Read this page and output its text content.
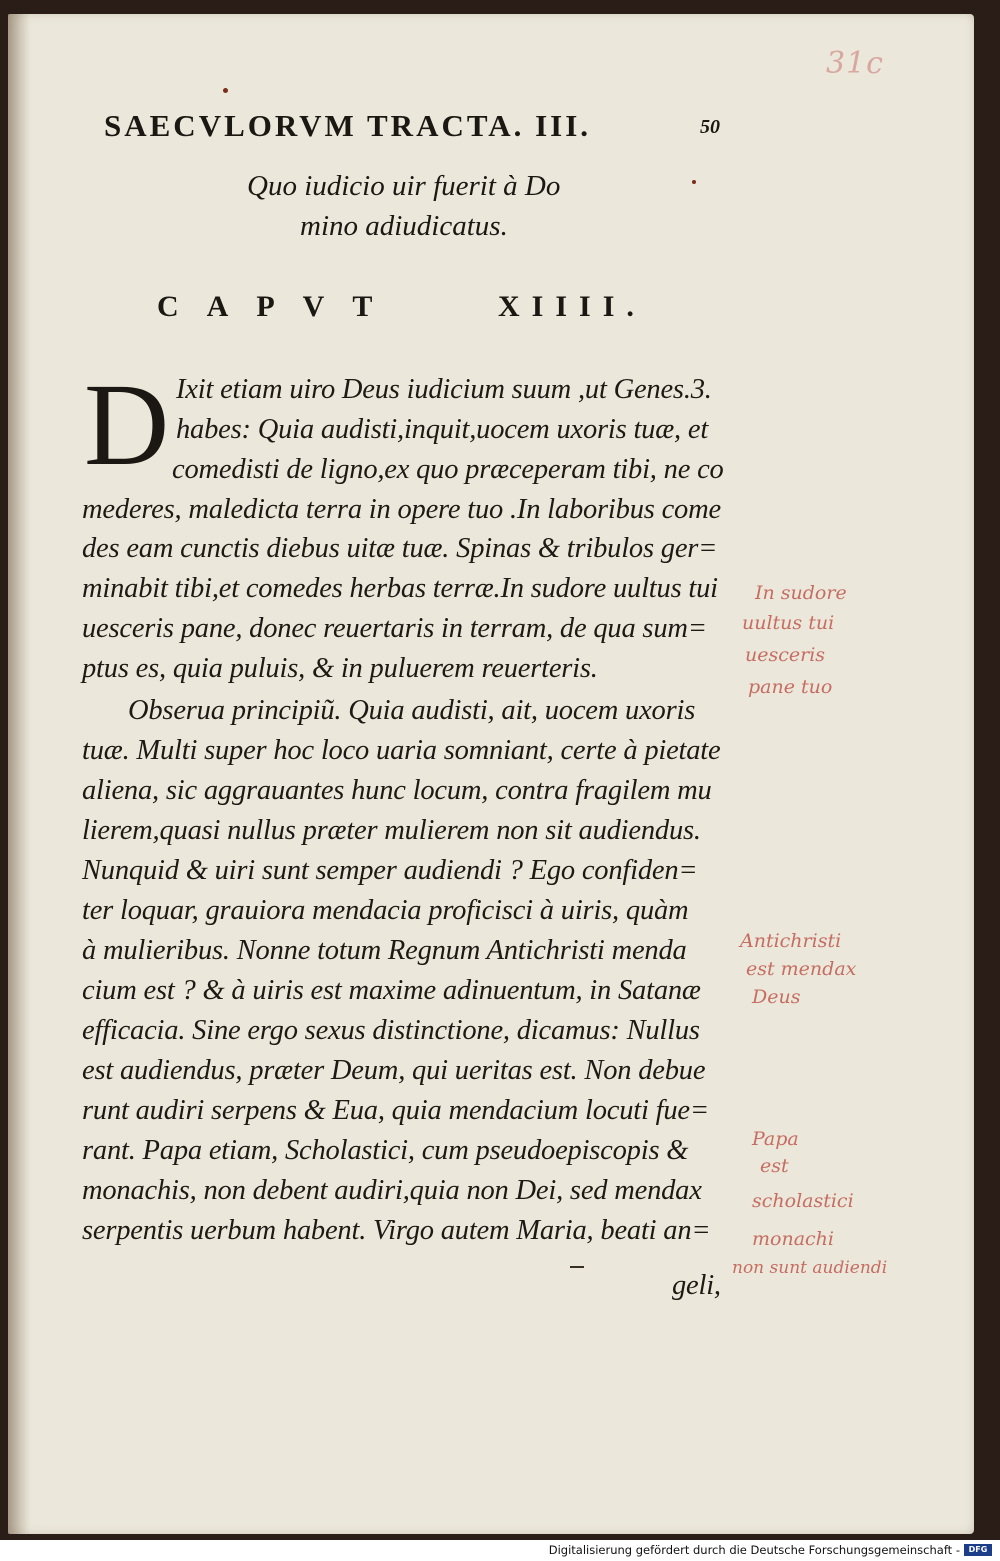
31c
SAECVLORVM TRACTA. III.	50
Quo iudicio uir fuerit à Do
mino adiudicatus.
CAPVT	XIIII.
D Ixit etiam uiro Deus iudicium suum ,ut Genes.3.
habes: Quia audisti,inquit,uocem uxoris tuæ, et
comedisti de ligno,ex quo præceperam tibi, ne co
mederes, maledicta terra in opere tuo .In laboribus come
des eam cunctis diebus uitæ tuæ. Spinas & tribulos ger=
minabit tibi,et comedes herbas terræ.In sudore uultus tui
uesceris pane, donec reuertaris in terram, de qua sum=
ptus es, quia puluis, & in puluerem reuerteris.
Obserua principiũ. Quia audisti, ait, uocem uxoris
tuæ. Multi super hoc loco uaria somniant, certe à pietate
aliena, sic aggrauantes hunc locum, contra fragilem mu
lierem,quasi nullus præter mulierem non sit audiendus.
Nunquid & uiri sunt semper audiendi ? Ego confiden=
ter loquar, grauiora mendacia proficisci à uiris, quàm
à mulieribus. Nonne totum Regnum Antichristi menda
cium est ? & à uiris est maxime adinuentum, in Satanæ
efficacia. Sine ergo sexus distinctione, dicamus: Nullus
est audiendus, præter Deum, qui ueritas est. Non debue
runt audiri serpens & Eua, quia mendacium locuti fue=
rant. Papa etiam, Scholastici, cum pseudoepiscopis &
monachis, non debent audiri,quia non Dei, sed mendax
serpentis uerbum habent. Virgo autem Maria, beati an=
geli,
In sudore
uultus tui
uesceris
pane tuo
Antichristi
est mendax
Deus
Papa
est
scholastici
monachi
non sunt audiendi
Digitalisierung gefördert durch die Deutsche Forschungsgemeinschaft -	DFG
